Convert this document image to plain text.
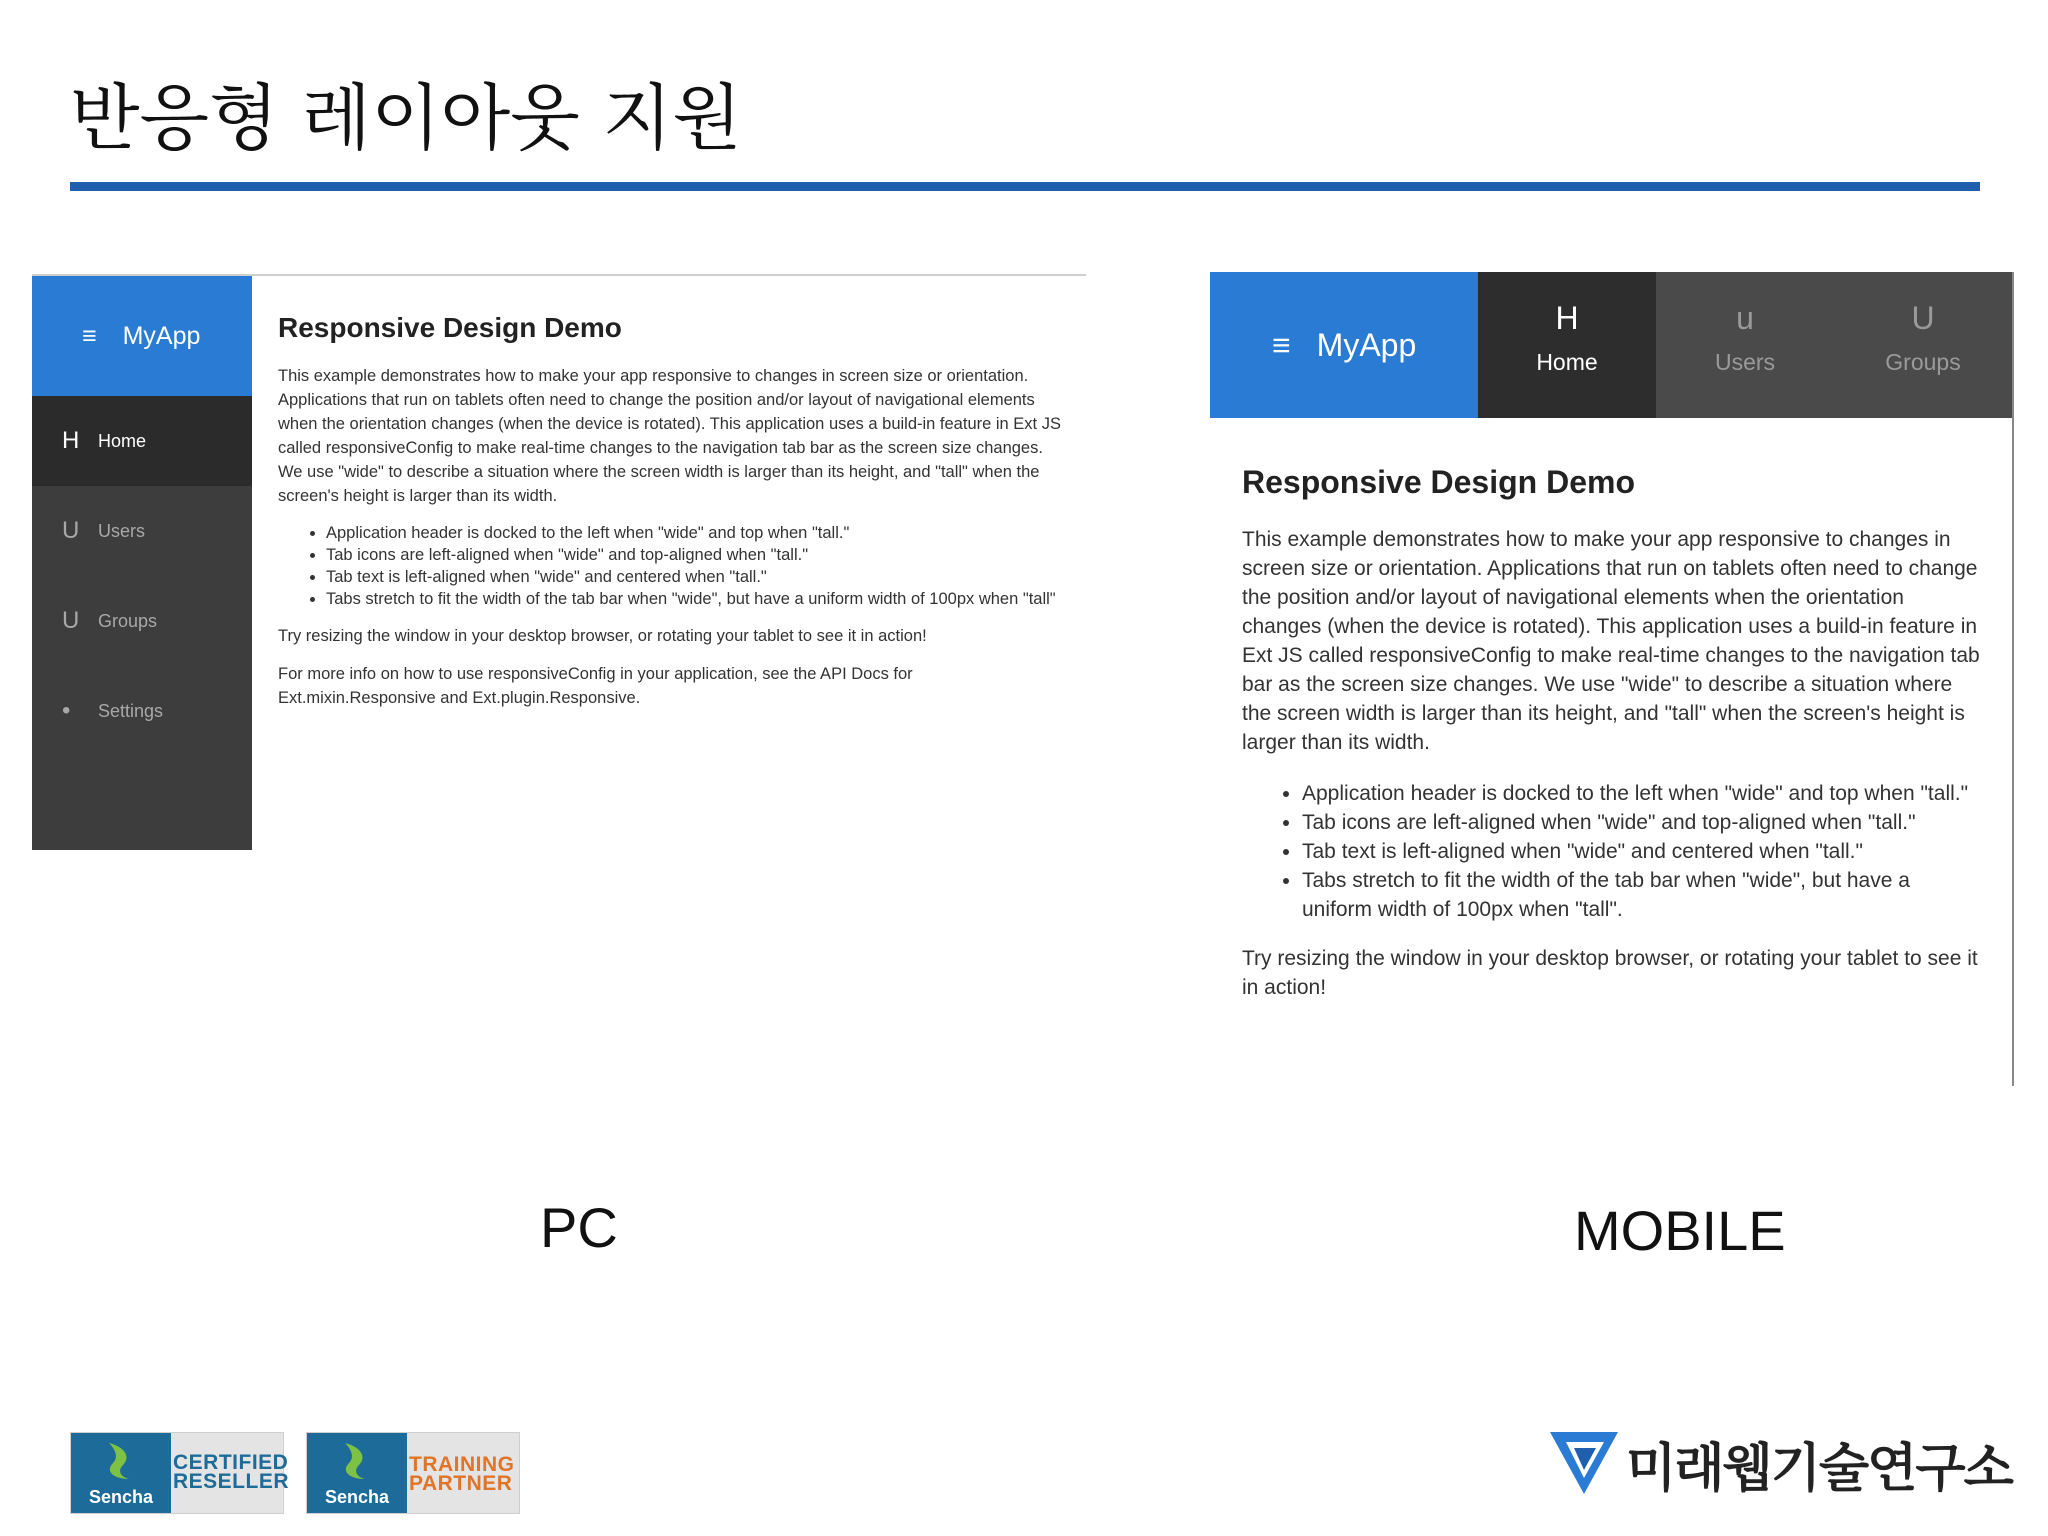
반응형 레이아웃 지원
≡ MyApp
H	Home
U	Users
U	Groups
•	Settings
Responsive Design Demo

This example demonstrates how to make your app responsive to changes in screen size or orientation. Applications that run on tablets often need to change the position and/or layout of navigational elements when the orientation changes (when the device is rotated). This application uses a build-in feature in Ext JS called responsiveConfig to make real-time changes to the navigation tab bar as the screen size changes. We use "wide" to describe a situation where the screen width is larger than its height, and "tall" when the screen's height is larger than its width.

• Application header is docked to the left when "wide" and top when "tall."
• Tab icons are left-aligned when "wide" and top-aligned when "tall."
• Tab text is left-aligned when "wide" and centered when "tall."
• Tabs stretch to fit the width of the tab bar when "wide", but have a uniform width of 100px when "tall"

Try resizing the window in your desktop browser, or rotating your tablet to see it in action!

For more info on how to use responsiveConfig in your application, see the API Docs for Ext.mixin.Responsive and Ext.plugin.Responsive.

≡ MyApp
H
Home
u
Users
U
Groups
Responsive Design Demo

This example demonstrates how to make your app responsive to changes in screen size or orientation. Applications that run on tablets often need to change the position and/or layout of navigational elements when the orientation changes (when the device is rotated). This application uses a build-in feature in Ext JS called responsiveConfig to make real-time changes to the navigation tab bar as the screen size changes. We use "wide" to describe a situation where the screen width is larger than its height, and "tall" when the screen's height is larger than its width.

• Application header is docked to the left when "wide" and top when "tall."
• Tab icons are left-aligned when "wide" and top-aligned when "tall."
• Tab text is left-aligned when "wide" and centered when "tall."
• Tabs stretch to fit the width of the tab bar when "wide", but have a uniform width of 100px when "tall".

Try resizing the window in your desktop browser, or rotating your tablet to see it in action!

PC	MOBILE
Sencha
CERTIFIED
RESELLER
Sencha
TRAINING
PARTNER	미래웹기술연구소
